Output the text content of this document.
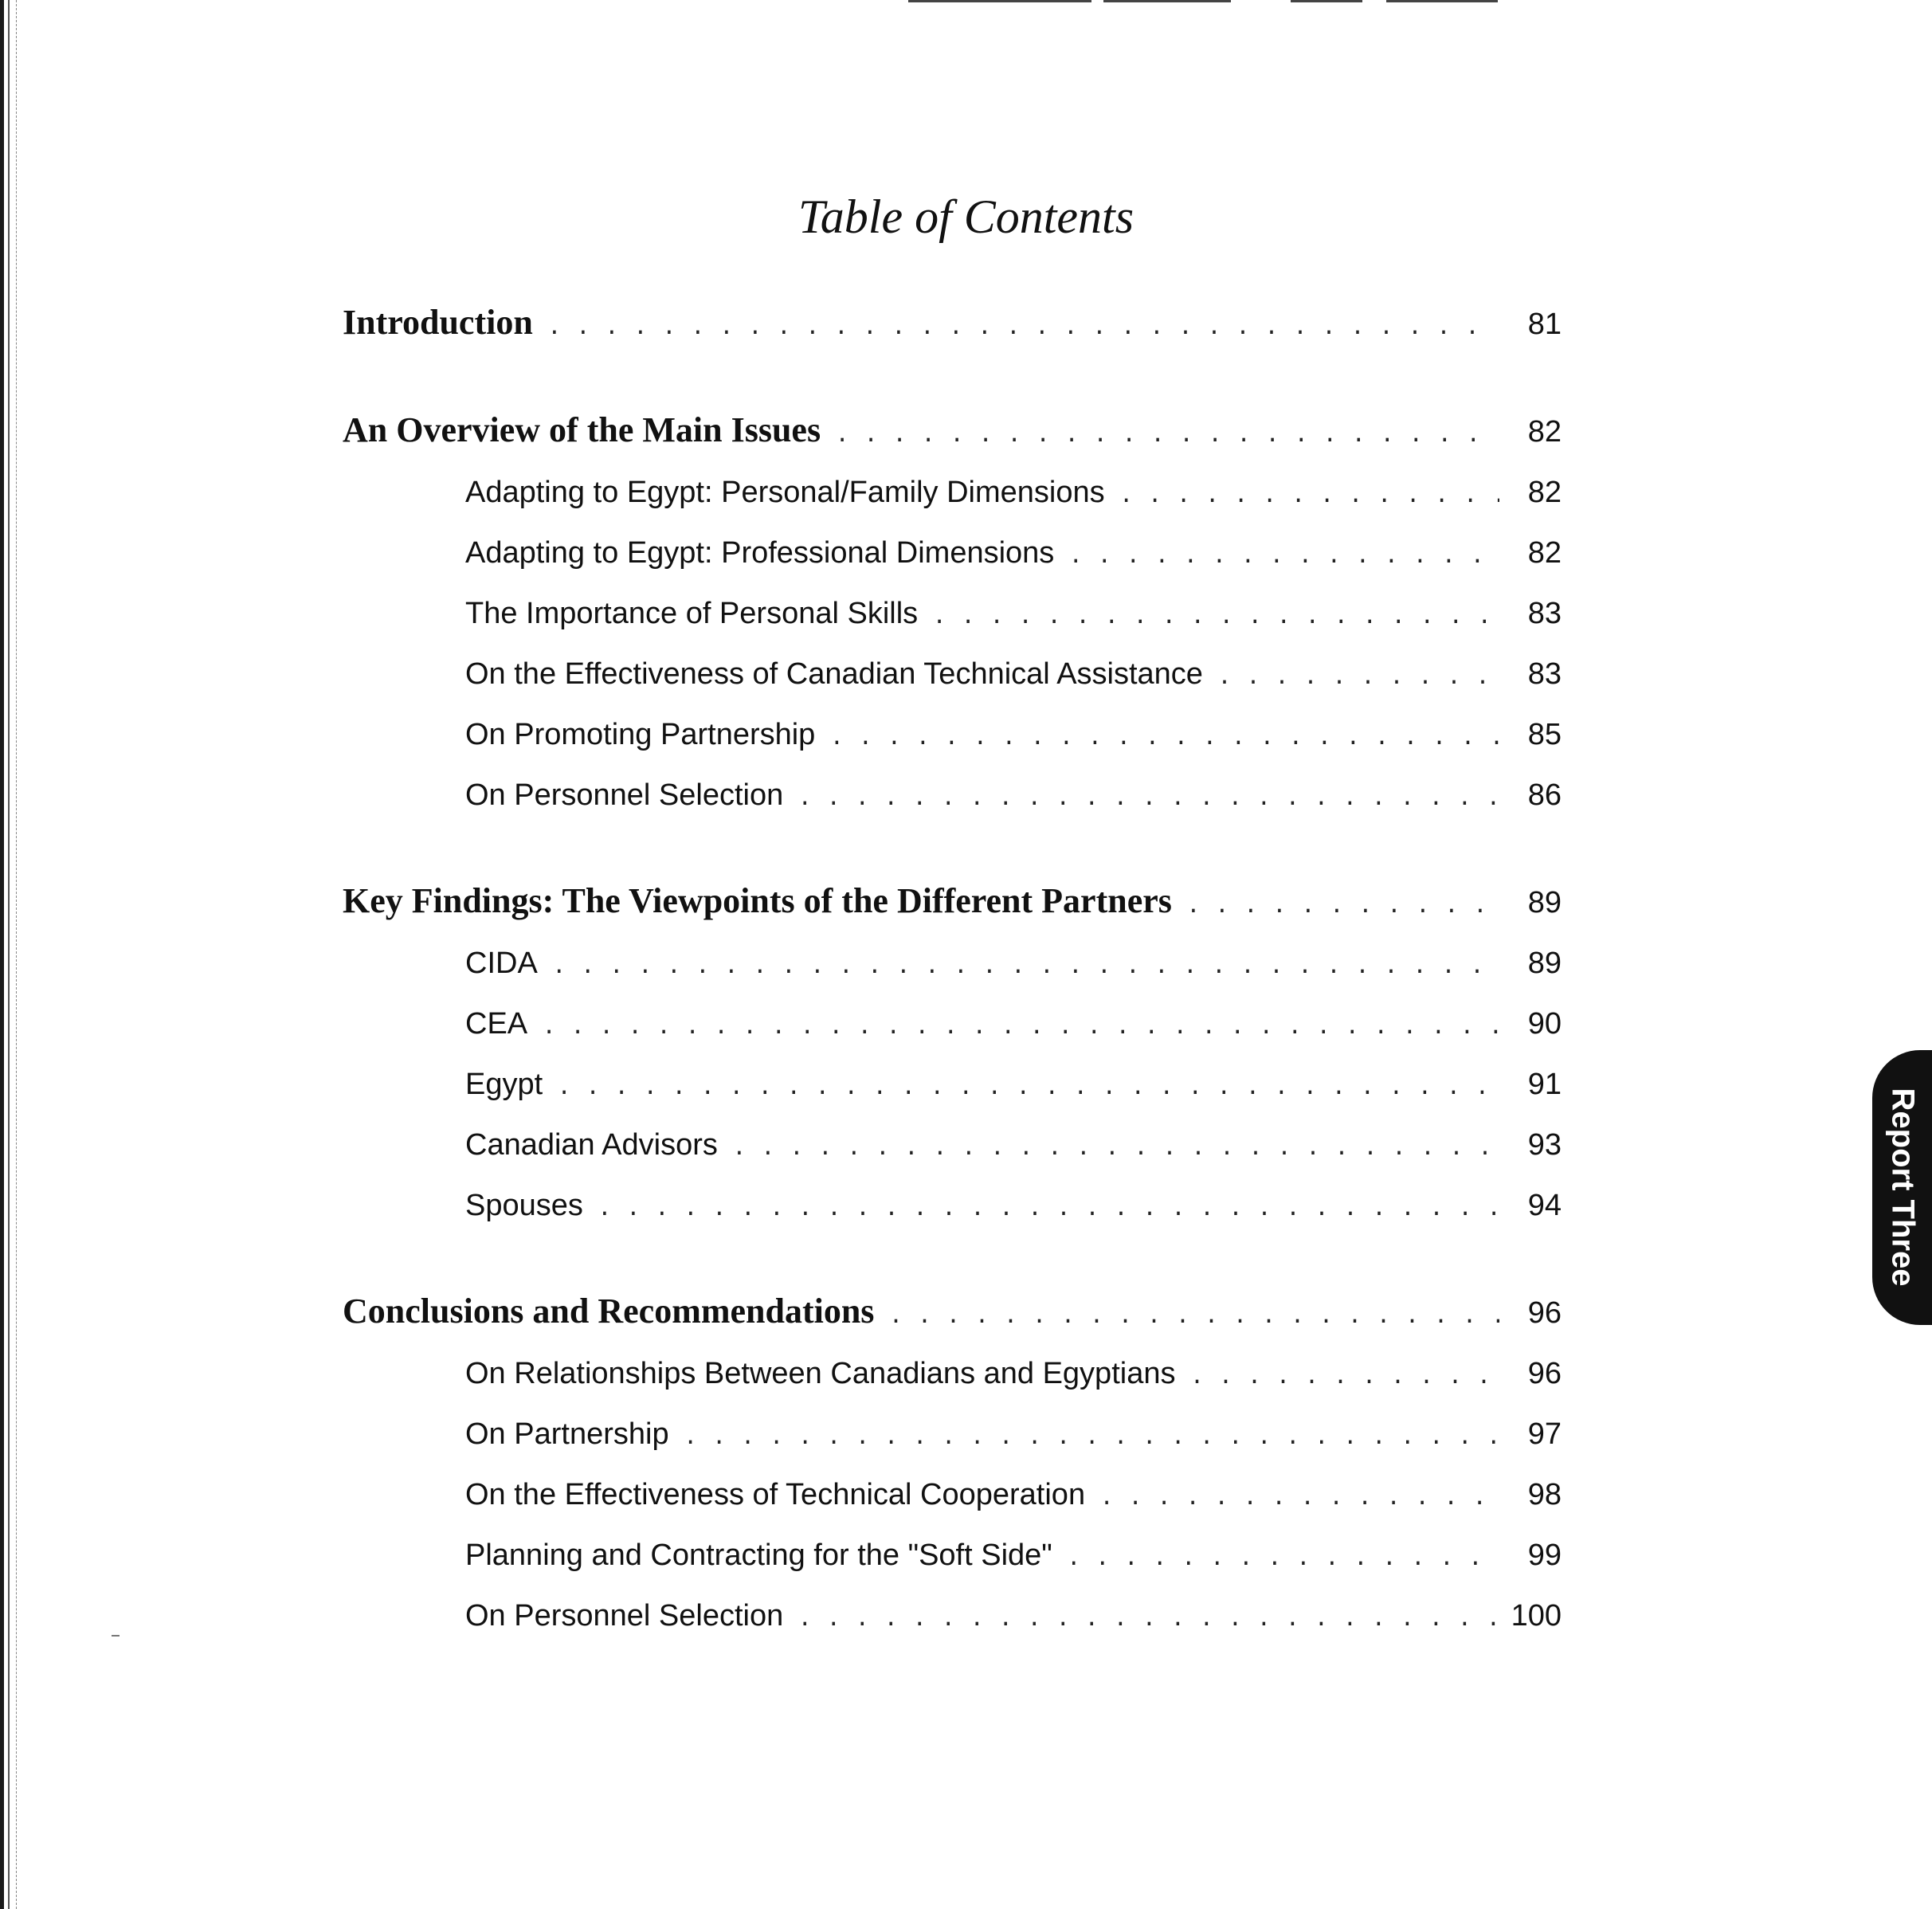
Table of Contents
Introduction . . .	81
An Overview of the Main Issues . . .	82
Adapting to Egypt: Personal/Family Dimensions . . .	82
Adapting to Egypt: Professional Dimensions . . .	82
The Importance of Personal Skills . . .	83
On the Effectiveness of Canadian Technical Assistance . . .	83
On Promoting Partnership . . .	85
On Personnel Selection . . .	86
Key Findings: The Viewpoints of the Different Partners . . .	89
CIDA . . .	89
CEA . . .	90
Egypt . . .	91
Canadian Advisors . . .	93
Spouses . . .	94
Conclusions and Recommendations . . .	96
On Relationships Between Canadians and Egyptians . . .	96
On Partnership . . .	97
On the Effectiveness of Technical Cooperation . . .	98
Planning and Contracting for the "Soft Side" . . .	99
On Personnel Selection . . .	100
Report Three
